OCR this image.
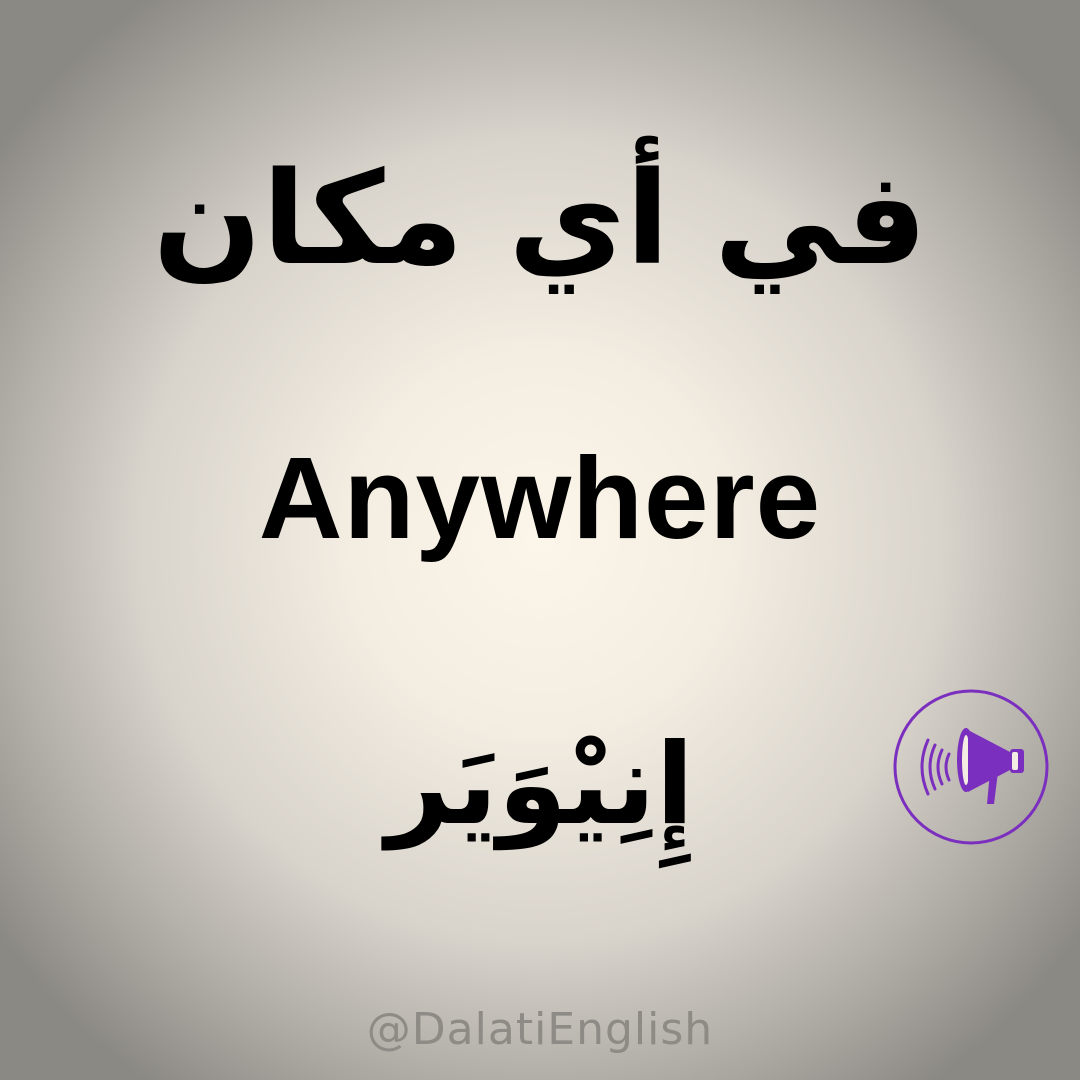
في أي مكان
Anywhere
إِنِيْوَيَر
@DalatiEnglish
